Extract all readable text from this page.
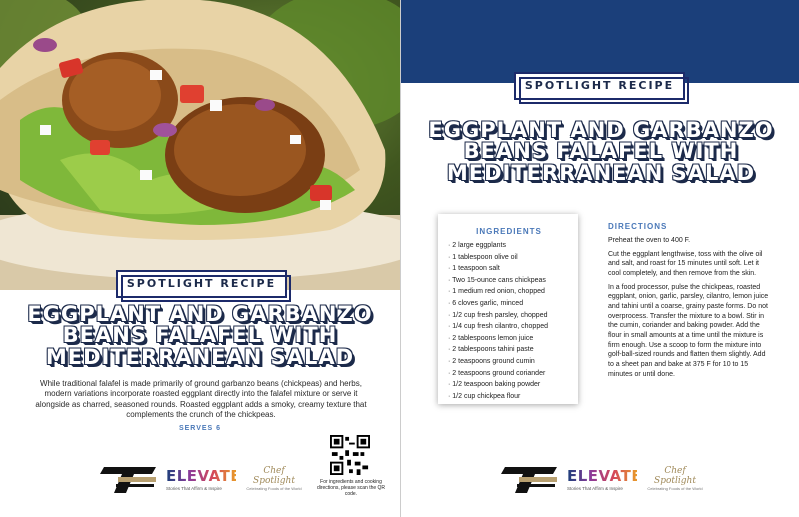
SPOTLIGHT RECIPE
EGGPLANT AND GARBANZO
BEANS FALAFEL WITH
MEDITERRANEAN SALAD

While traditional falafel is made primarily of ground garbanzo beans (chickpeas) and herbs, modern variations incorporate roasted eggplant directly into the falafel mixture or serve it alongside as charred, seasoned rounds. Roasted eggplant adds a smoky, creamy texture that complements the crunch of the chickpeas.

SERVES 6
ELEVATE
Stories That Affirm & Inspire
Chef Spotlight
Celebrating Foods of the World
For ingredients and cooking directions, please scan the QR code.
SPOTLIGHT RECIPE
EGGPLANT AND GARBANZO
BEANS FALAFEL WITH
MEDITERRANEAN SALAD
INGREDIENTS
· 2 large eggplants
· 1 tablespoon olive oil
· 1 teaspoon salt
· Two 15-ounce cans chickpeas
· 1 medium red onion, chopped
· 6 cloves garlic, minced
· 1/2 cup fresh parsley, chopped
· 1/4 cup fresh cilantro, chopped
· 2 tablespoons lemon juice
· 2 tablespoons tahini paste
· 2 teaspoons ground cumin
· 2 teaspoons ground coriander
· 1/2 teaspoon baking powder
· 1/2 cup chickpea flour
DIRECTIONS

Preheat the oven to 400 F.

Cut the eggplant lengthwise, toss with the olive oil and salt, and roast for 15 minutes until soft. Let it cool completely, and then remove from the skin.

In a food processor, pulse the chickpeas, roasted eggplant, onion, garlic, parsley, cilantro, lemon juice and tahini until a coarse, grainy paste forms. Do not overprocess. Transfer the mixture to a bowl. Stir in the cumin, coriander and baking powder. Add the flour in small amounts at a time until the mixture is firm enough. Use a scoop to form the mixture into golf-ball-sized rounds and flatten them slightly. Add to a sheet pan and bake at 375 F for 10 to 15 minutes or until done.

ELEVATE
Stories That Affirm & Inspire
Chef Spotlight
Celebrating Foods of the World
